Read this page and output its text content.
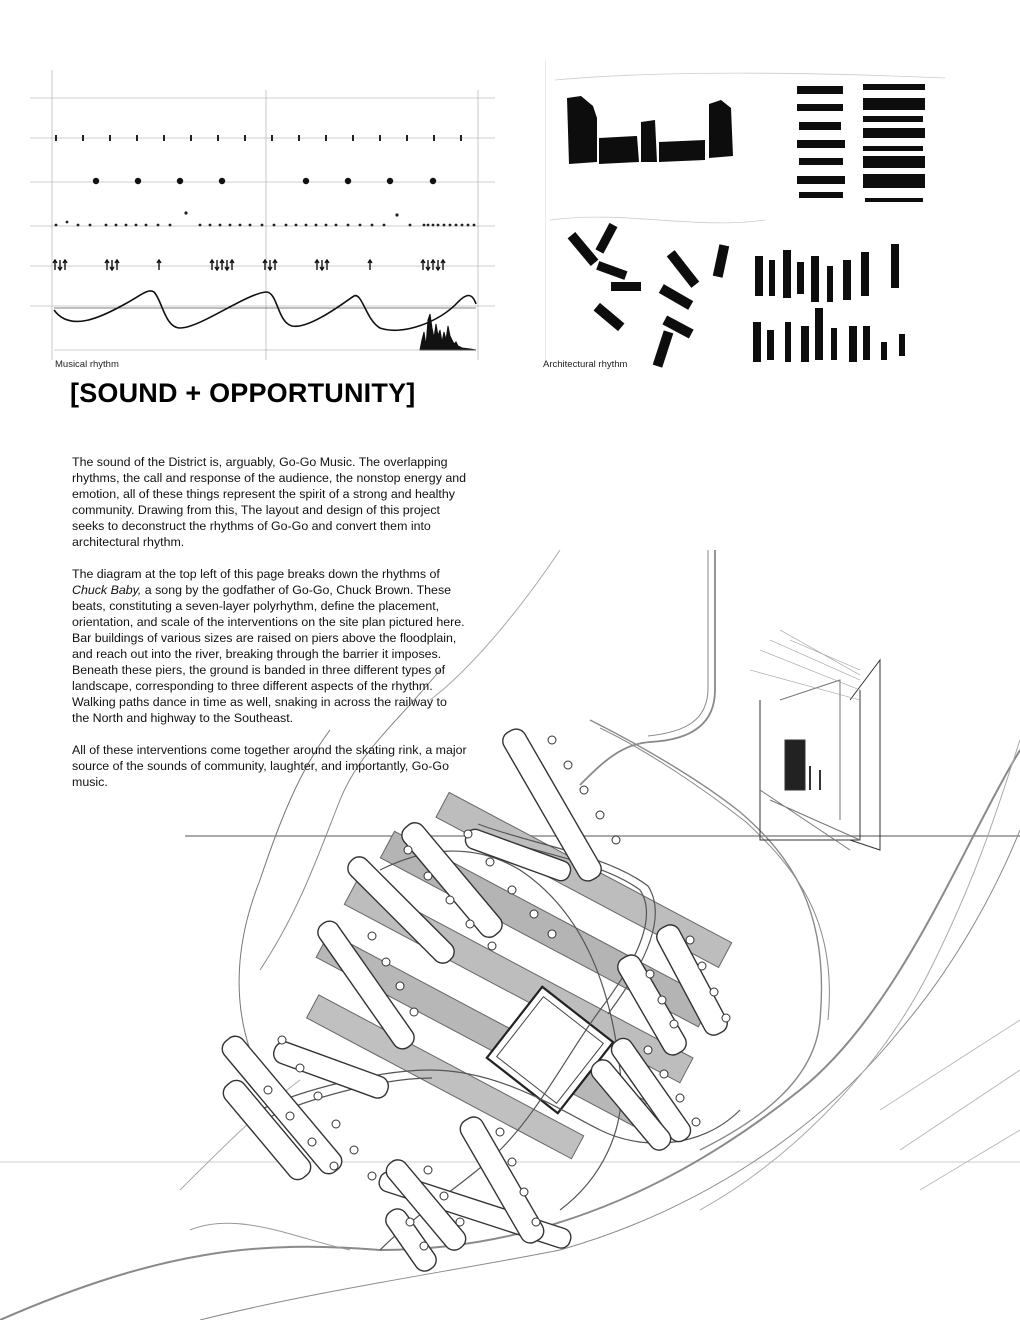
Musical rhythm	Architectural rhythm
[SOUND + OPPORTUNITY]

The sound of the District is, arguably, Go-Go Music. The overlapping rhythms, the call and response of the audience, the nonstop energy and emotion, all of these things represent the spirit of a strong and healthy community. Drawing from this, The layout and design of this project seeks to deconstruct the rhythms of Go-Go and convert them into architectural rhythm.

The diagram at the top left of this page breaks down the rhythms of Chuck Baby, a song by the godfather of Go-Go, Chuck Brown. These beats, constituting a seven-layer polyrhythm, define the placement, orientation, and scale of the interventions on the site plan pictured here. Bar buildings of various sizes are raised on piers above the floodplain, and reach out into the river, breaking through the barrier it imposes. Beneath these piers, the ground is banded in three different types of landscape, corresponding to three different aspects of the rhythm. Walking paths dance in time as well, snaking in across the railway to the North and highway to the Southeast.

All of these interventions come together around the skating rink, a major source of the sounds of community, laughter, and importantly, Go-Go music.
